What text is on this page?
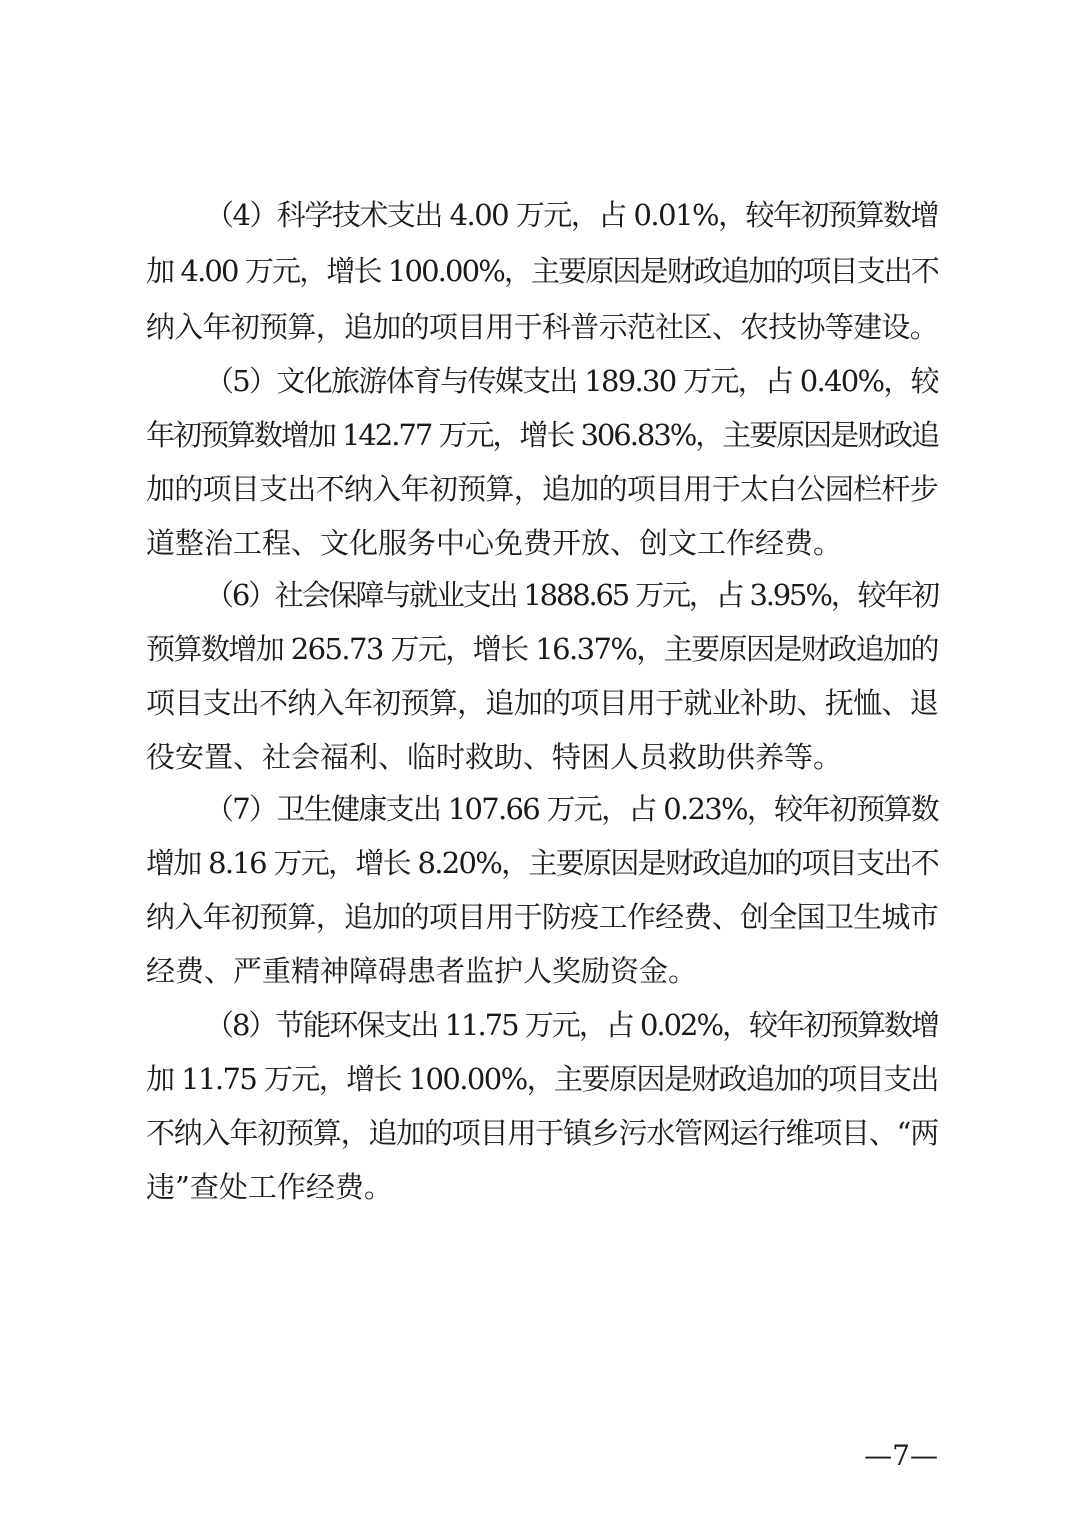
（4）科学技术支出 4.00 万元，占 0.01%，较年初预算数增
加 4.00 万元，增长 100.00%，主要原因是财政追加的项目支出不
纳入年初预算，追加的项目用于科普示范社区、农技协等建设。
（5）文化旅游体育与传媒支出 189.30 万元，占 0.40%，较
年初预算数增加 142.77 万元，增长 306.83%，主要原因是财政追
加的项目支出不纳入年初预算，追加的项目用于太白公园栏杆步
道整治工程、文化服务中心免费开放、创文工作经费。
（6）社会保障与就业支出 1888.65 万元，占 3.95%，较年初
预算数增加 265.73 万元，增长 16.37%，主要原因是财政追加的
项目支出不纳入年初预算，追加的项目用于就业补助、抚恤、退
役安置、社会福利、临时救助、特困人员救助供养等。
（7）卫生健康支出 107.66 万元，占 0.23%，较年初预算数
增加 8.16 万元，增长 8.20%，主要原因是财政追加的项目支出不
纳入年初预算，追加的项目用于防疫工作经费、创全国卫生城市
经费、严重精神障碍患者监护人奖励资金。
（8）节能环保支出 11.75 万元，占 0.02%，较年初预算数增
加 11.75 万元，增长 100.00%，主要原因是财政追加的项目支出
不纳入年初预算，追加的项目用于镇乡污水管网运行维项目、“两
违”查处工作经费。
—7—
